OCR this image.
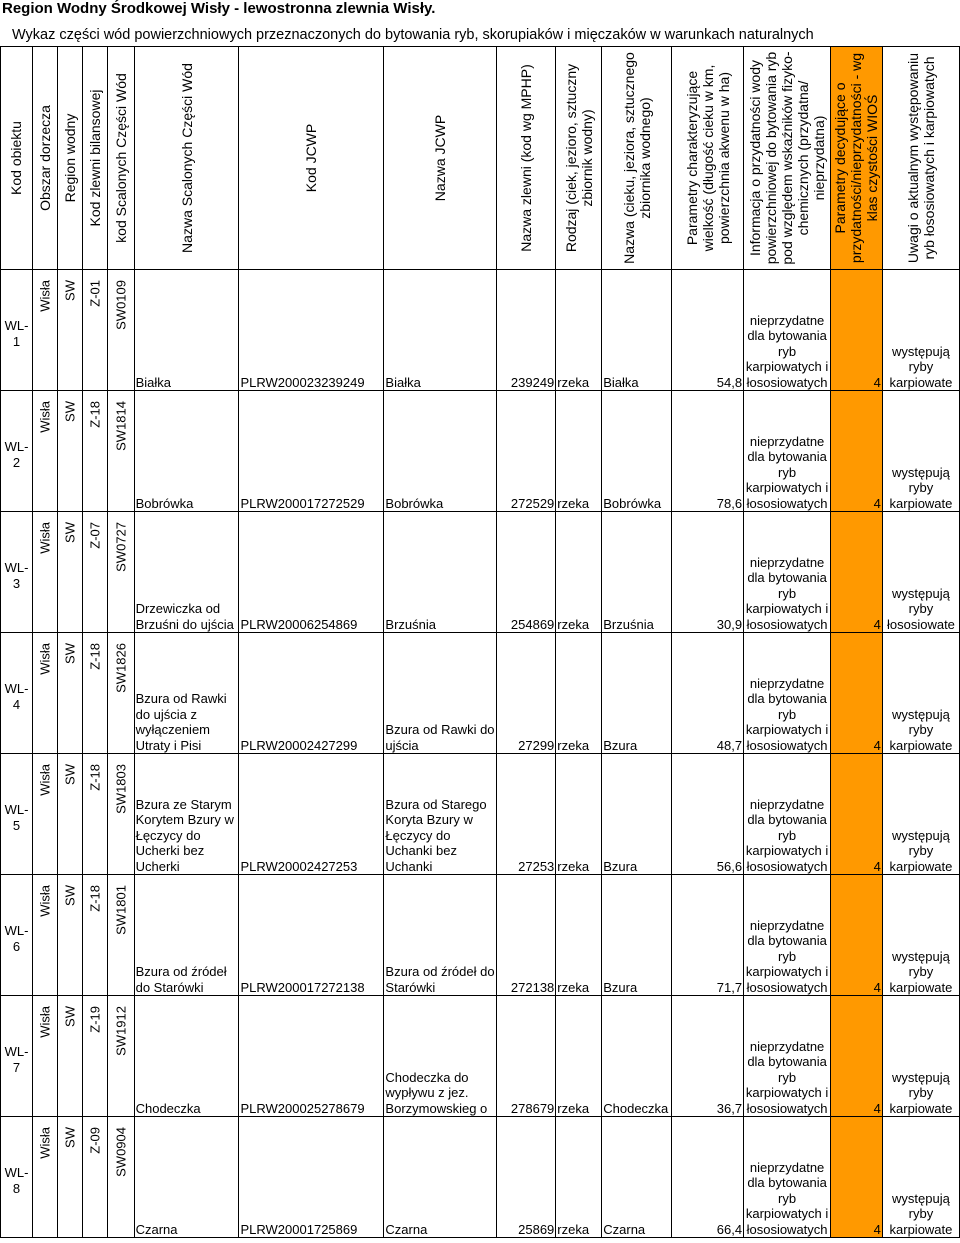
Region Wodny Środkowej Wisły - lewostronna zlewnia Wisły.
Wykaz części wód powierzchniowych przeznaczonych do bytowania ryb, skorupiaków i mięczaków w warunkach naturalnych
Kod obiektu	Obszar dorzecza	Region wodny	Kod zlewni bilansowej	kod Scalonych Części Wód	Nazwa Scalonych Części Wód	Kod JCWP	Nazwa JCWP	Nazwa zlewni (kod wg MPHP)	Rodzaj (ciek, jezioro, sztuczny zbiornik wodny)	Nazwa (cieku, jeziora, sztucznego zbiornika wodnego)	Parametry charakteryzujące wielkość (długość cieku w km, powierzchnia akwenu w ha)	Informacja o przydatności wody powierzchniowej do bytowania ryb pod względem wskaźników fizyko- chemicznych (przydatna/ nieprzydatna)	Parametry decydujące o przydatności/nieprzydatności - wg klas czystości WIOŚ	Uwagi o aktualnym występowaniu ryb łososiowatych i karpiowatych

WL-1	Wisła	SW	Z-01	SW0109	Białka	PLRW200023239249	Białka	239249	rzeka	Białka	54,8	nieprzydatne dla bytowania ryb karpiowatych i łososiowatych	4	występują ryby karpiowate
WL-2	Wisła	SW	Z-18	SW1814	Bobrówka	PLRW200017272529	Bobrówka	272529	rzeka	Bobrówka	78,6	nieprzydatne dla bytowania ryb karpiowatych i łososiowatych	4	występują ryby karpiowate
WL-3	Wisła	SW	Z-07	SW0727	Drzewiczka od Brzuśni do ujścia	PLRW20006254869	Brzuśnia	254869	rzeka	Brzuśnia	30,9	nieprzydatne dla bytowania ryb karpiowatych i łososiowatych	4	występują ryby łososiowate
WL-4	Wisła	SW	Z-18	SW1826	Bzura od Rawki do ujścia z wyłączeniem Utraty i Pisi	PLRW20002427299	Bzura od Rawki do ujścia	27299	rzeka	Bzura	48,7	nieprzydatne dla bytowania ryb karpiowatych i łososiowatych	4	występują ryby karpiowate
WL-5	Wisła	SW	Z-18	SW1803	Bzura ze Starym Korytem Bzury w Łęczycy do Ucherki bez Ucherki	PLRW20002427253	Bzura od Starego Koryta Bzury w Łęczycy do Uchanki bez Uchanki	27253	rzeka	Bzura	56,6	nieprzydatne dla bytowania ryb karpiowatych i łososiowatych	4	występują ryby karpiowate
WL-6	Wisła	SW	Z-18	SW1801	Bzura od źródeł do Starówki	PLRW200017272138	Bzura od źródeł do Starówki	272138	rzeka	Bzura	71,7	nieprzydatne dla bytowania ryb karpiowatych i łososiowatych	4	występują ryby karpiowate
WL-7	Wisła	SW	Z-19	SW1912	Chodeczka	PLRW200025278679	Chodeczka do wypływu z jez. Borzymowskieg o	278679	rzeka	Chodeczka	36,7	nieprzydatne dla bytowania ryb karpiowatych i łososiowatych	4	występują ryby karpiowate
WL-8	Wisła	SW	Z-09	SW0904	Czarna	PLRW20001725869	Czarna	25869	rzeka	Czarna	66,4	nieprzydatne dla bytowania ryb karpiowatych i łososiowatych	4	występują ryby karpiowate
